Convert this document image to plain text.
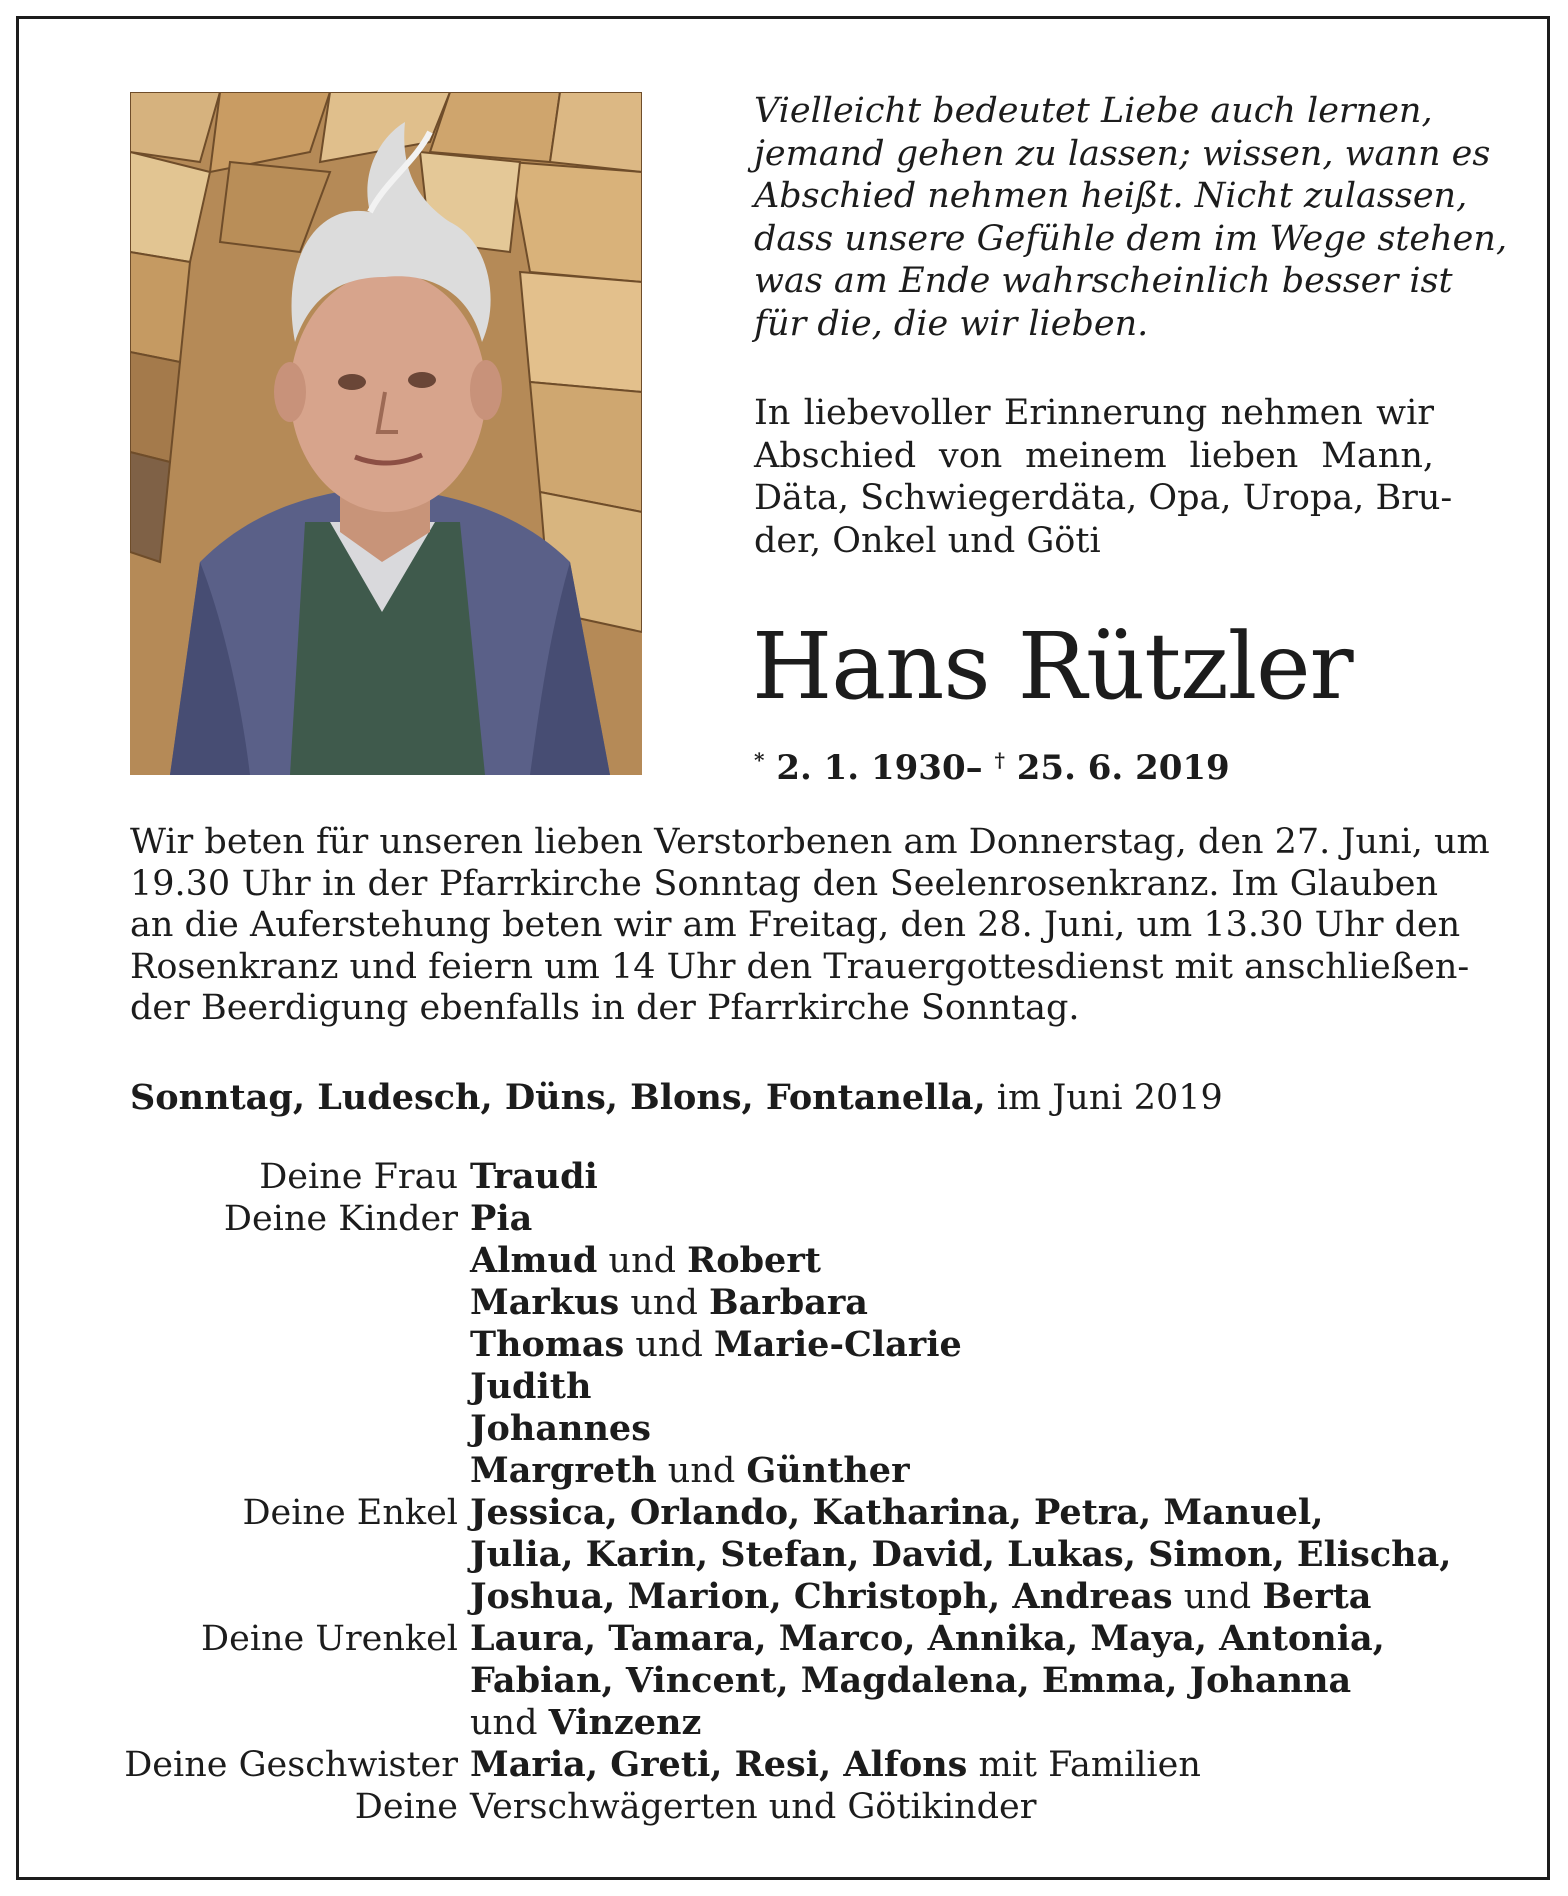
Vielleicht bedeutet Liebe auch lernen,
jemand gehen zu lassen; wissen, wann es
Abschied nehmen heißt. Nicht zulassen,
dass unsere Gefühle dem im Wege stehen,
was am Ende wahrscheinlich besser ist
für die, die wir lieben.
In liebevoller Erinnerung nehmen wir
Abschied von meinem lieben Mann,
Däta, Schwiegerdäta, Opa, Uropa, Bru-
der, Onkel und Göti
Hans Rützler
* 2. 1. 1930– † 25. 6. 2019
Wir beten für unseren lieben Verstorbenen am Donnerstag, den 27. Juni, um
19.30 Uhr in der Pfarrkirche Sonntag den Seelenrosenkranz. Im Glauben
an die Auferstehung beten wir am Freitag, den 28. Juni, um 13.30 Uhr den
Rosenkranz und feiern um 14 Uhr den Trauergottesdienst mit anschließen-
der Beerdigung ebenfalls in der Pfarrkirche Sonntag.
Sonntag, Ludesch, Düns, Blons, Fontanella, im Juni 2019
Deine Frau Traudi
Deine Kinder Pia
Almud und Robert
Markus und Barbara
Thomas und Marie-Clarie
Judith
Johannes
Margreth und Günther
Deine Enkel Jessica, Orlando, Katharina, Petra, Manuel,
Julia, Karin, Stefan, David, Lukas, Simon, Elischa,
Joshua, Marion, Christoph, Andreas und Berta
Deine Urenkel Laura, Tamara, Marco, Annika, Maya, Antonia,
Fabian, Vincent, Magdalena, Emma, Johanna
und Vinzenz
Deine Geschwister Maria, Greti, Resi, Alfons mit Familien
Deine Verschwägerten und Götikinder
